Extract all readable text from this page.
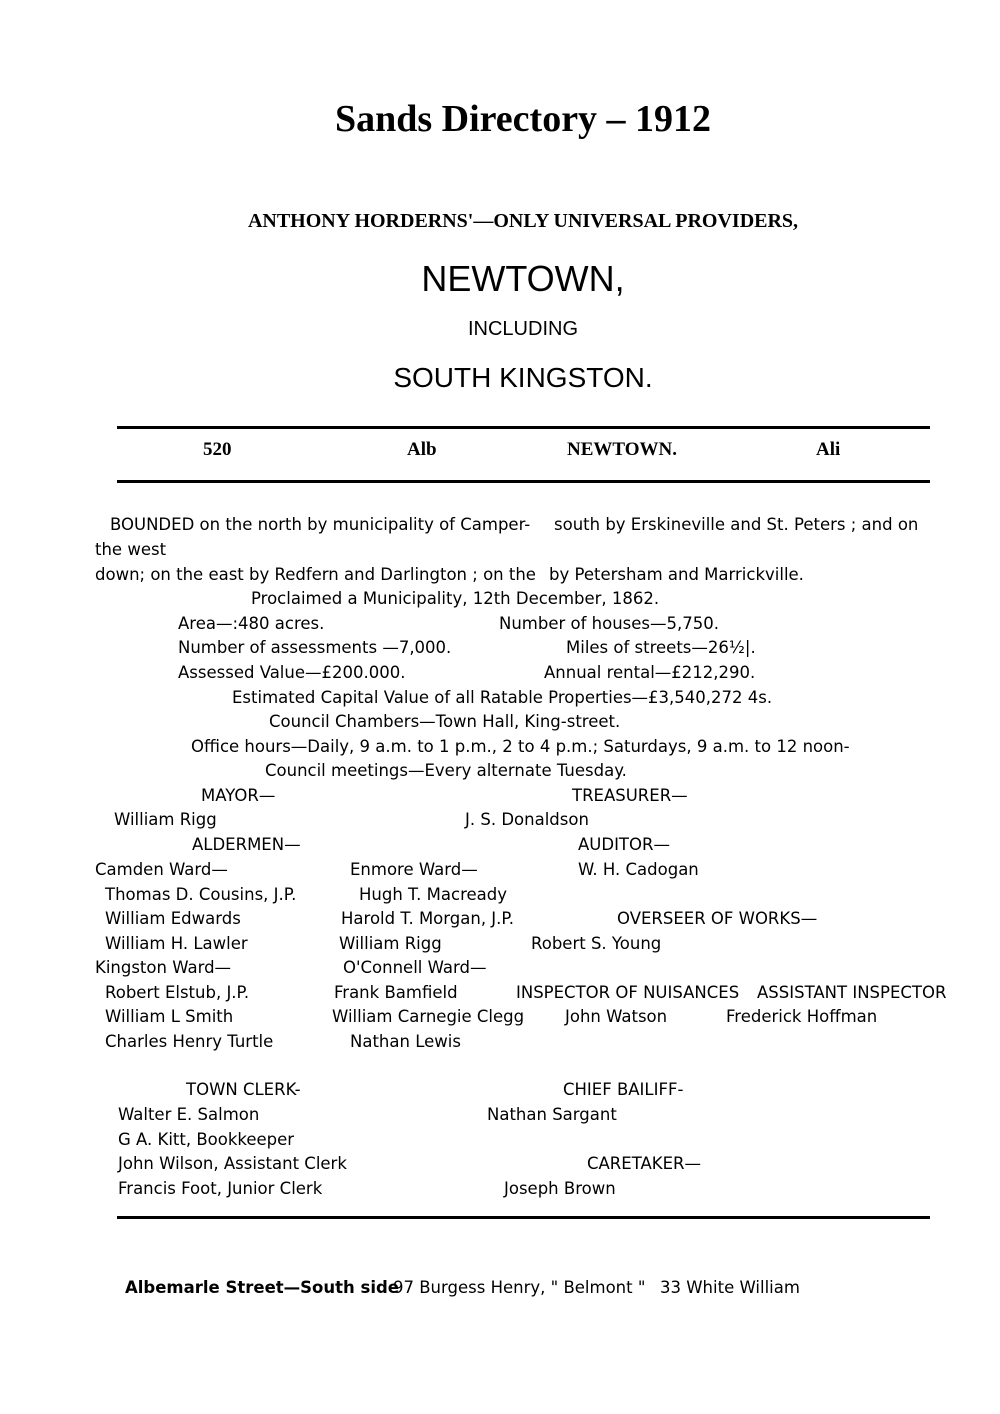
Sands Directory – 1912
ANTHONY HORDERNS'—ONLY UNIVERSAL PROVIDERS,
NEWTOWN,
INCLUDING
SOUTH KINGSTON.
520	Alb	NEWTOWN.	Ali
BOUNDED on the north by municipality of Camper- south by Erskineville and St. Peters ; and on
the west
down; on the east by Redfern and Darlington ; on the by Petersham and Marrickville.
Proclaimed a Municipality, 12th December, 1862.
Area—:480 acres.	Number of houses—5,750.
Number of assessments —7,000.	Miles of streets—26½|.
Assessed Value—£200.000.	Annual rental—£212,290.
Estimated Capital Value of all Ratable Properties—£3,540,272 4s.
Council Chambers—Town Hall, King-street.
Office hours—Daily, 9 a.m. to 1 p.m., 2 to 4 p.m.; Saturdays, 9 a.m. to 12 noon-
Council meetings—Every alternate Tuesday.
MAYOR—	TREASURER—
William Rigg	J. S. Donaldson
ALDERMEN—	AUDITOR—
Camden Ward—	Enmore Ward—	W. H. Cadogan
Thomas D. Cousins, J.P.	Hugh T. Macready
William Edwards	Harold T. Morgan, J.P.	OVERSEER OF WORKS—
William H. Lawler	William Rigg	Robert S. Young
Kingston Ward—	O'Connell Ward—
Robert Elstub, J.P.	Frank Bamfield	INSPECTOR OF NUISANCES ASSISTANT INSPECTOR
William L Smith	William Carnegie Clegg John Watson	Frederick Hoffman
Charles Henry Turtle	Nathan Lewis
TOWN CLERK-	CHIEF BAILIFF-
Walter E. Salmon	Nathan Sargant
G A. Kitt, Bookkeeper
John Wilson, Assistant Clerk	CARETAKER—
Francis Foot, Junior Clerk	Joseph Brown
Albemarle Street—South side
97 Burgess Henry, " Belmont " 33 White William
